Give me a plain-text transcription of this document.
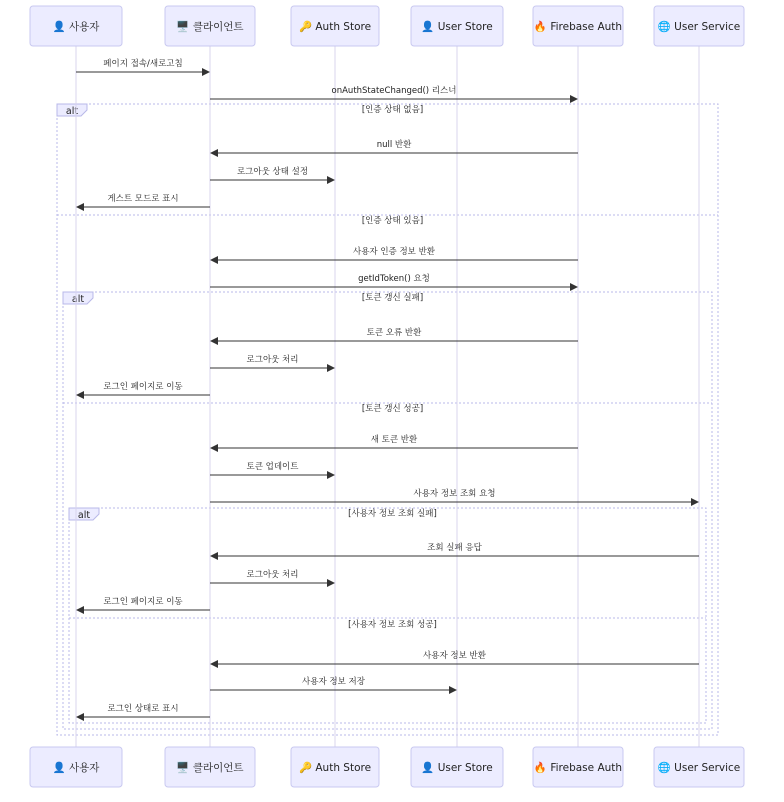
alt	[인증 상태 없음]
[인증 상태 있음]
alt	[토큰 갱신 실패]
[토큰 갱신 성공]
alt	[사용자 정보 조회 실패]
[사용자 정보 조회 성공]
페이지 접속/새로고침
onAuthStateChanged() 리스너
null 반환
로그아웃 상태 설정
게스트 모드로 표시
사용자 인증 정보 반환
getIdToken() 요청
토큰 오류 반환
로그아웃 처리
로그인 페이지로 이동
새 토큰 반환
토큰 업데이트
사용자 정보 조회 요청
조회 실패 응답
로그아웃 처리
로그인 페이지로 이동
사용자 정보 반환
사용자 정보 저장
로그인 상태로 표시
👤 사용자
👤 사용자
🖥️ 클라이언트
🖥️ 클라이언트
🔑 Auth Store
🔑 Auth Store
👤 User Store
👤 User Store
🔥 Firebase Auth
🔥 Firebase Auth
🌐 User Service
🌐 User Service
